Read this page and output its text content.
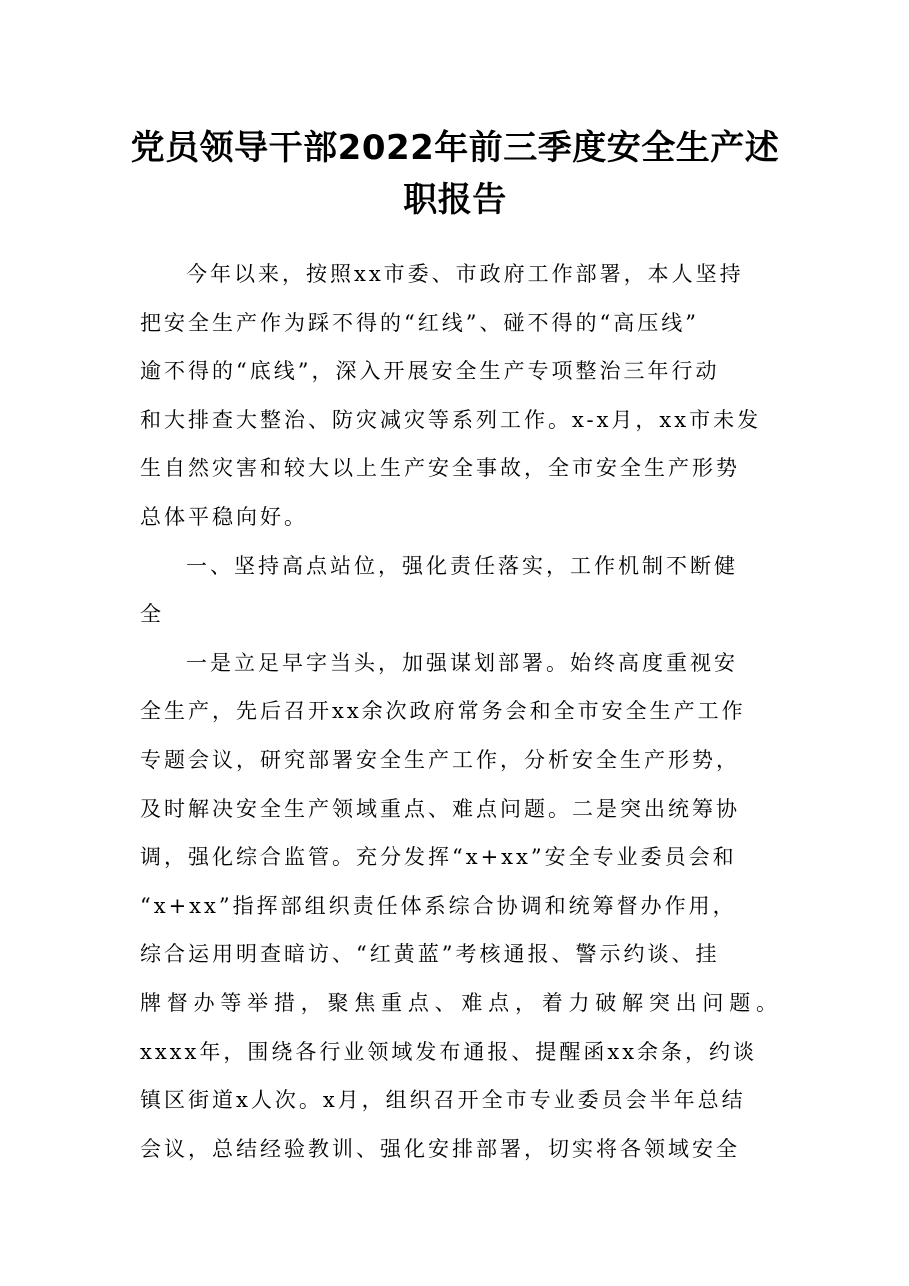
党员领导干部2022年前三季度安全生产述
职报告
今年以来，按照xx市委、市政府工作部署，本人坚持
把安全生产作为踩不得的“红线”、碰不得的“高压线”
逾不得的“底线”，深入开展安全生产专项整治三年行动
和大排查大整治、防灾减灾等系列工作。x-x月，xx市未发
生自然灾害和较大以上生产安全事故，全市安全生产形势
总体平稳向好。
一、坚持高点站位，强化责任落实，工作机制不断健
全
一是立足早字当头，加强谋划部署。始终高度重视安
全生产，先后召开xx余次政府常务会和全市安全生产工作
专题会议，研究部署安全生产工作，分析安全生产形势，
及时解决安全生产领域重点、难点问题。二是突出统筹协
调，强化综合监管。充分发挥“x+xx”安全专业委员会和
“x+xx”指挥部组织责任体系综合协调和统筹督办作用，
综合运用明查暗访、“红黄蓝”考核通报、警示约谈、挂
牌督办等举措，聚焦重点、难点，着力破解突出问题。
xxxx年，围绕各行业领域发布通报、提醒函xx余条，约谈
镇区街道x人次。x月，组织召开全市专业委员会半年总结
会议，总结经验教训、强化安排部署，切实将各领域安全
